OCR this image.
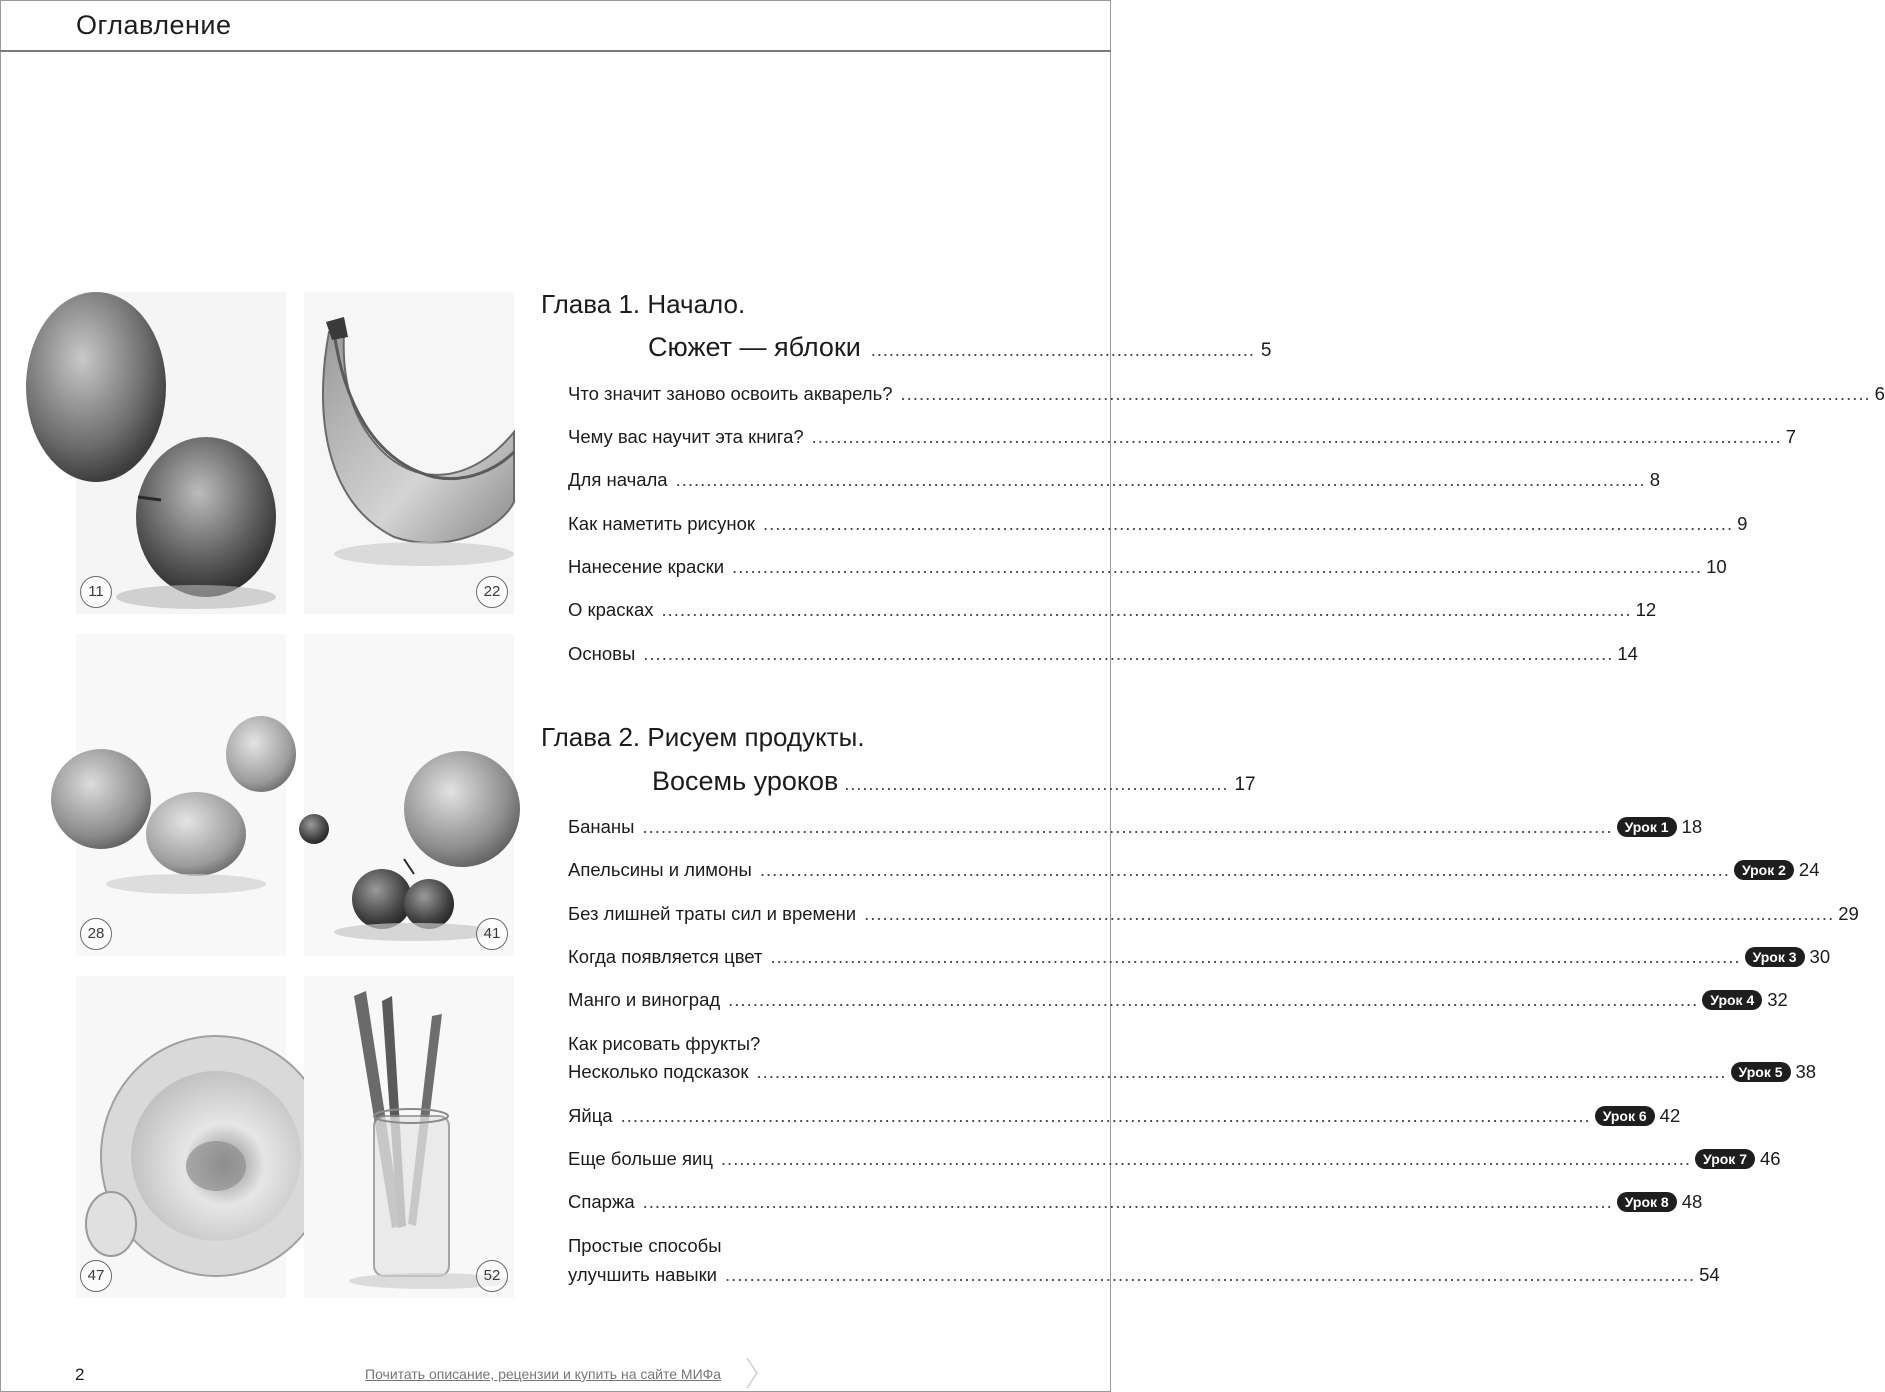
Оглавление
11	22
28	41
47	52
Глава 1. Начало.
Сюжет — яблоки ................................................................ 5
Что значит заново освоить акварель? .....	6
Чему вас научит эта книга? .....	7
Для начала .....	8
Как наметить рисунок .....	9
Нанесение краски .....	10
О красках .....	12
Основы .....	14
Глава 2. Рисуем продукты.
Восемь уроков ................................................................ 17
Бананы .....	Урок 1 18
Апельсины и лимоны .....	Урок 2 24
Без лишней траты сил и времени .....	29
Когда появляется цвет .....	Урок 3 30
Манго и виноград .....	Урок 4 32
Как рисовать фрукты?
Несколько подсказок .....	Урок 5 38
Яйца .....	Урок 6 42
Еще больше яиц .....	Урок 7 46
Спаржа .....	Урок 8 48
Простые способы
улучшить навыки .....	54
2	Почитать описание, рецензии и купить на сайте МИФа
